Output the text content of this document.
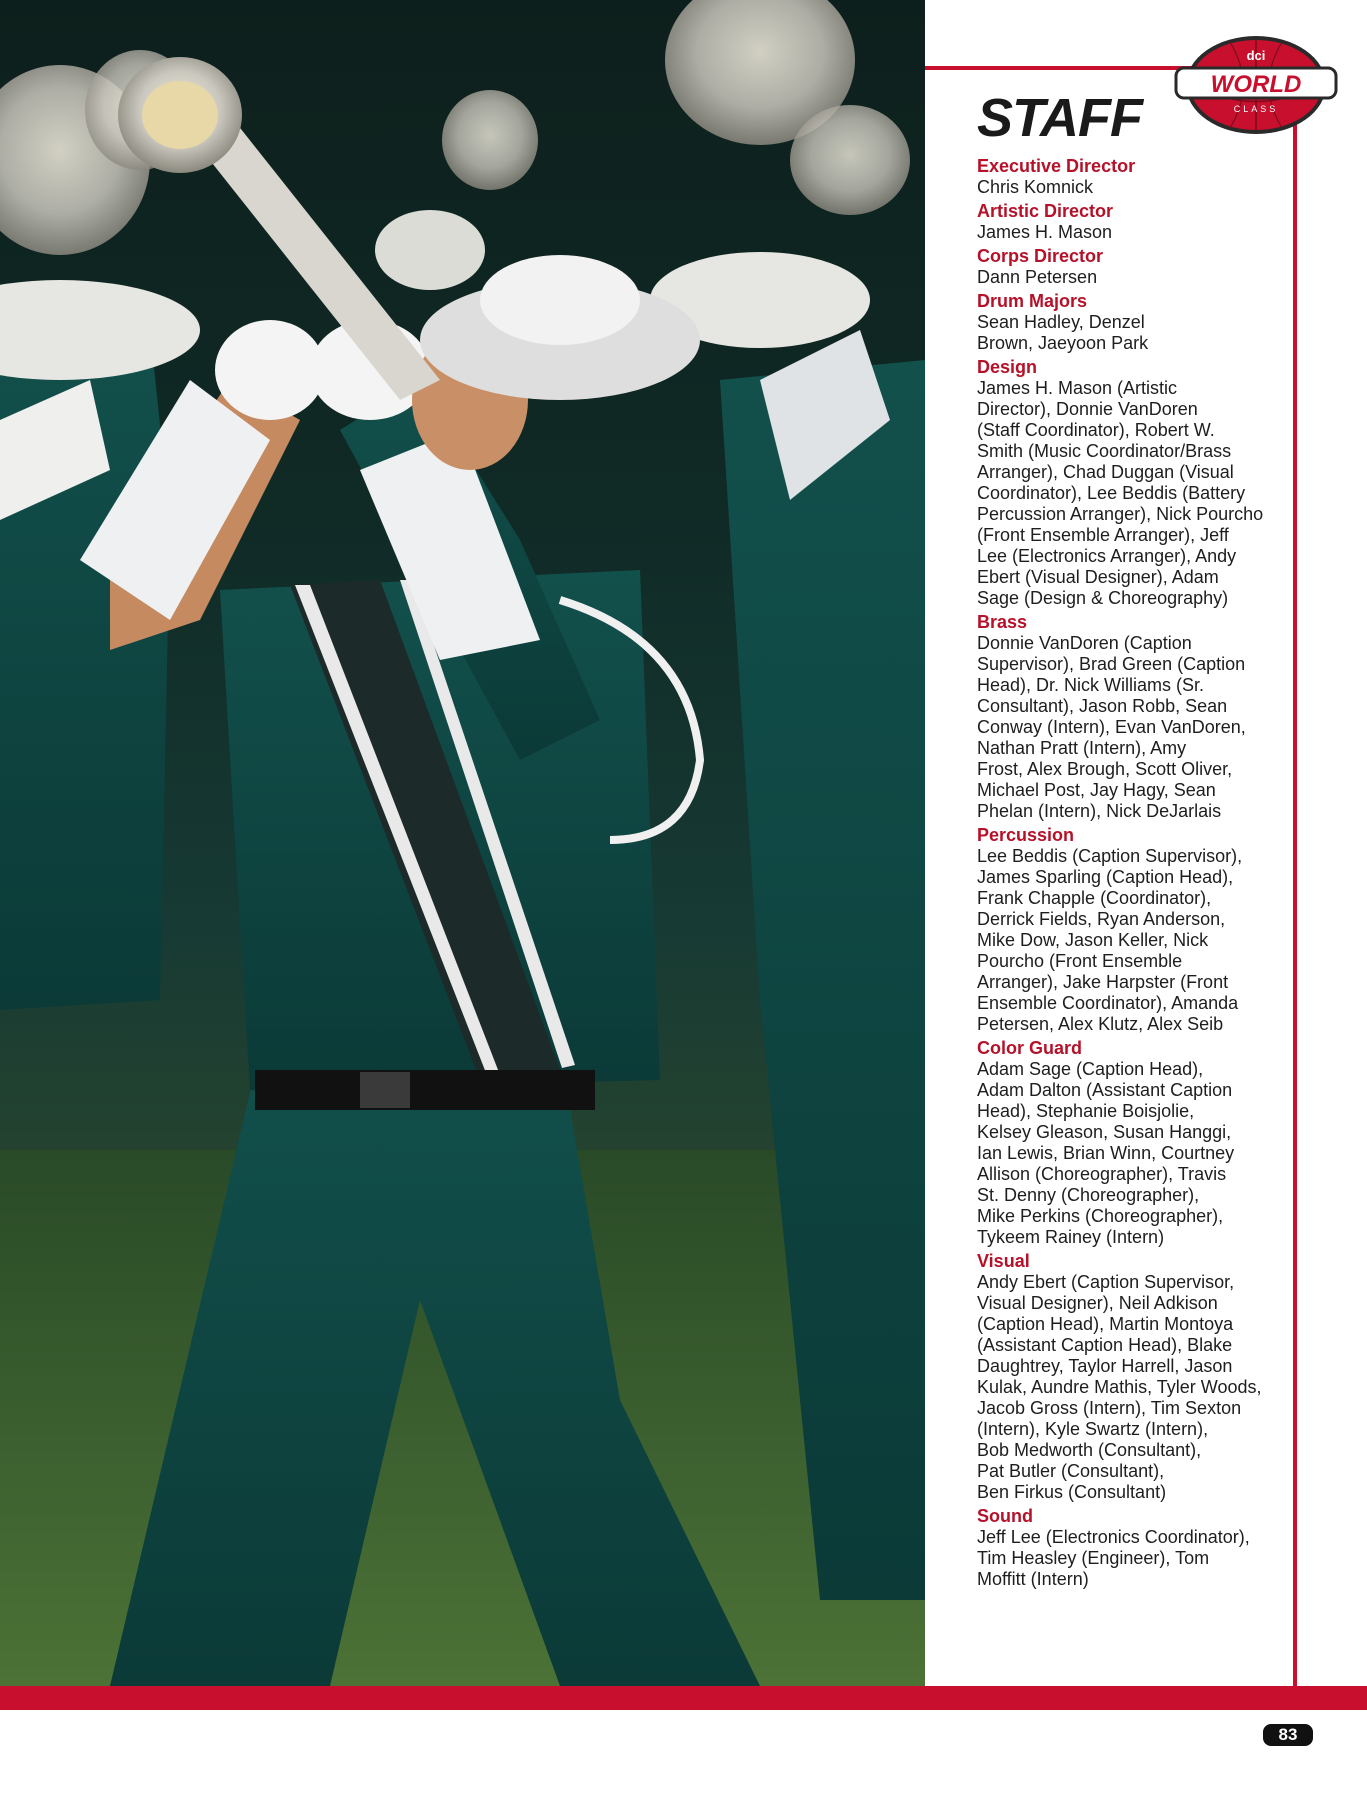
WORLD
dci
CLASS
STAFF
Executive Director
Chris Komnick
Artistic Director
James H. Mason
Corps Director
Dann Petersen
Drum Majors
Sean Hadley, Denzel
Brown, Jaeyoon Park
Design
James H. Mason (Artistic
Director), Donnie VanDoren
(Staff Coordinator), Robert W.
Smith (Music Coordinator/Brass
Arranger), Chad Duggan (Visual
Coordinator), Lee Beddis (Battery
Percussion Arranger), Nick Pourcho
(Front Ensemble Arranger), Jeff
Lee (Electronics Arranger), Andy
Ebert (Visual Designer), Adam
Sage (Design & Choreography)
Brass
Donnie VanDoren (Caption
Supervisor), Brad Green (Caption
Head), Dr. Nick Williams (Sr.
Consultant), Jason Robb, Sean
Conway (Intern), Evan VanDoren,
Nathan Pratt (Intern), Amy
Frost, Alex Brough, Scott Oliver,
Michael Post, Jay Hagy, Sean
Phelan (Intern), Nick DeJarlais
Percussion
Lee Beddis (Caption Supervisor),
James Sparling (Caption Head),
Frank Chapple (Coordinator),
Derrick Fields, Ryan Anderson,
Mike Dow, Jason Keller, Nick
Pourcho (Front Ensemble
Arranger), Jake Harpster (Front
Ensemble Coordinator), Amanda
Petersen, Alex Klutz, Alex Seib
Color Guard
Adam Sage (Caption Head),
Adam Dalton (Assistant Caption
Head), Stephanie Boisjolie,
Kelsey Gleason, Susan Hanggi,
Ian Lewis, Brian Winn, Courtney
Allison (Choreographer), Travis
St. Denny (Choreographer),
Mike Perkins (Choreographer),
Tykeem Rainey (Intern)
Visual
Andy Ebert (Caption Supervisor,
Visual Designer), Neil Adkison
(Caption Head), Martin Montoya
(Assistant Caption Head), Blake
Daughtrey, Taylor Harrell, Jason
Kulak, Aundre Mathis, Tyler Woods,
Jacob Gross (Intern), Tim Sexton
(Intern), Kyle Swartz (Intern),
Bob Medworth (Consultant),
Pat Butler (Consultant),
Ben Firkus (Consultant)
Sound
Jeff Lee (Electronics Coordinator),
Tim Heasley (Engineer), Tom
Moffitt (Intern)
83
